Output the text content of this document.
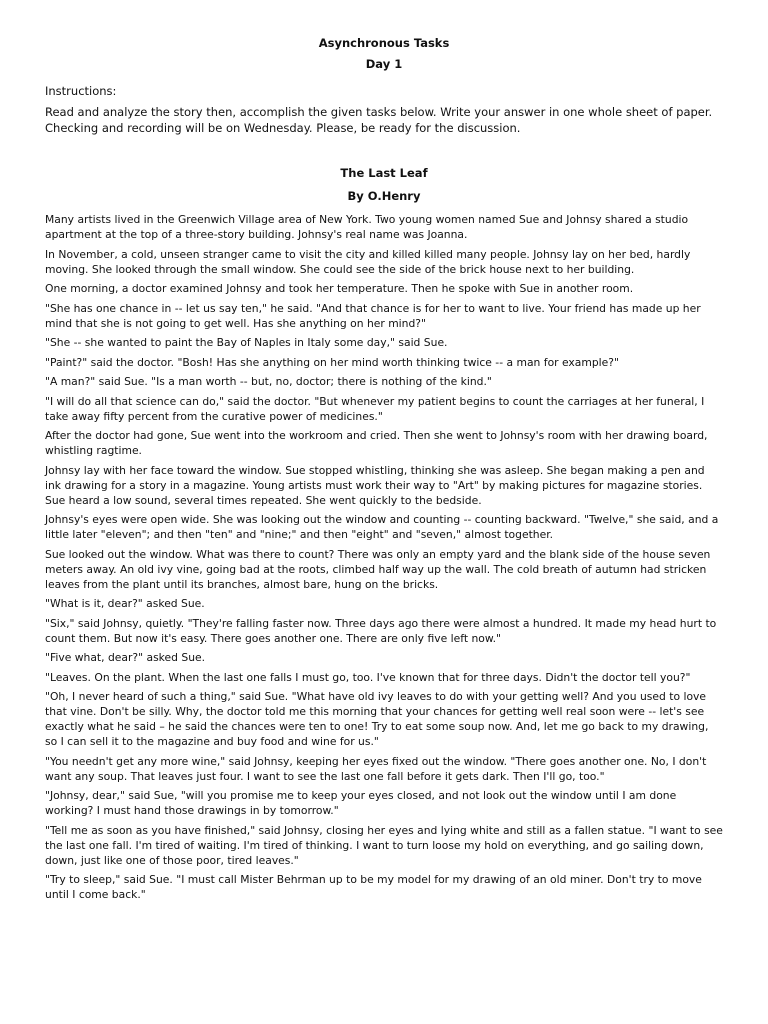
Asynchronous Tasks
Day 1
Instructions:
Read and analyze the story then, accomplish the given tasks below. Write your answer in one whole sheet of paper. Checking and recording will be on Wednesday. Please, be ready for the discussion.
The Last Leaf
By O.Henry

Many artists lived in the Greenwich Village area of New York. Two young women named Sue and Johnsy shared a studio apartment at the top of a three-story building. Johnsy's real name was Joanna.

In November, a cold, unseen stranger came to visit the city and killed killed many people. Johnsy lay on her bed, hardly moving. She looked through the small window. She could see the side of the brick house next to her building.

One morning, a doctor examined Johnsy and took her temperature. Then he spoke with Sue in another room.

"She has one chance in -- let us say ten," he said. "And that chance is for her to want to live. Your friend has made up her mind that she is not going to get well. Has she anything on her mind?"

"She -- she wanted to paint the Bay of Naples in Italy some day," said Sue.

"Paint?" said the doctor. "Bosh! Has she anything on her mind worth thinking twice -- a man for example?"

"A man?" said Sue. "Is a man worth -- but, no, doctor; there is nothing of the kind."

"I will do all that science can do," said the doctor. "But whenever my patient begins to count the carriages at her funeral, I take away fifty percent from the curative power of medicines."

After the doctor had gone, Sue went into the workroom and cried. Then she went to Johnsy's room with her drawing board, whistling ragtime.

Johnsy lay with her face toward the window. Sue stopped whistling, thinking she was asleep. She began making a pen and ink drawing for a story in a magazine. Young artists must work their way to "Art" by making pictures for magazine stories. Sue heard a low sound, several times repeated. She went quickly to the bedside.

Johnsy's eyes were open wide. She was looking out the window and counting -- counting backward. "Twelve," she said, and a little later "eleven"; and then "ten" and "nine;" and then "eight" and "seven," almost together.

Sue looked out the window. What was there to count? There was only an empty yard and the blank side of the house seven meters away. An old ivy vine, going bad at the roots, climbed half way up the wall. The cold breath of autumn had stricken leaves from the plant until its branches, almost bare, hung on the bricks.

"What is it, dear?" asked Sue.

"Six," said Johnsy, quietly. "They're falling faster now. Three days ago there were almost a hundred. It made my head hurt to count them. But now it's easy. There goes another one. There are only five left now."

"Five what, dear?" asked Sue.

"Leaves. On the plant. When the last one falls I must go, too. I've known that for three days. Didn't the doctor tell you?"

"Oh, I never heard of such a thing," said Sue. "What have old ivy leaves to do with your getting well? And you used to love that vine. Don't be silly. Why, the doctor told me this morning that your chances for getting well real soon were -- let's see exactly what he said – he said the chances were ten to one! Try to eat some soup now. And, let me go back to my drawing, so I can sell it to the magazine and buy food and wine for us."

"You needn't get any more wine," said Johnsy, keeping her eyes fixed out the window. "There goes another one. No, I don't want any soup. That leaves just four. I want to see the last one fall before it gets dark. Then I'll go, too."

"Johnsy, dear," said Sue, "will you promise me to keep your eyes closed, and not look out the window until I am done working? I must hand those drawings in by tomorrow."

"Tell me as soon as you have finished," said Johnsy, closing her eyes and lying white and still as a fallen statue. "I want to see the last one fall. I'm tired of waiting. I'm tired of thinking. I want to turn loose my hold on everything, and go sailing down, down, just like one of those poor, tired leaves."

"Try to sleep," said Sue. "I must call Mister Behrman up to be my model for my drawing of an old miner. Don't try to move until I come back."
